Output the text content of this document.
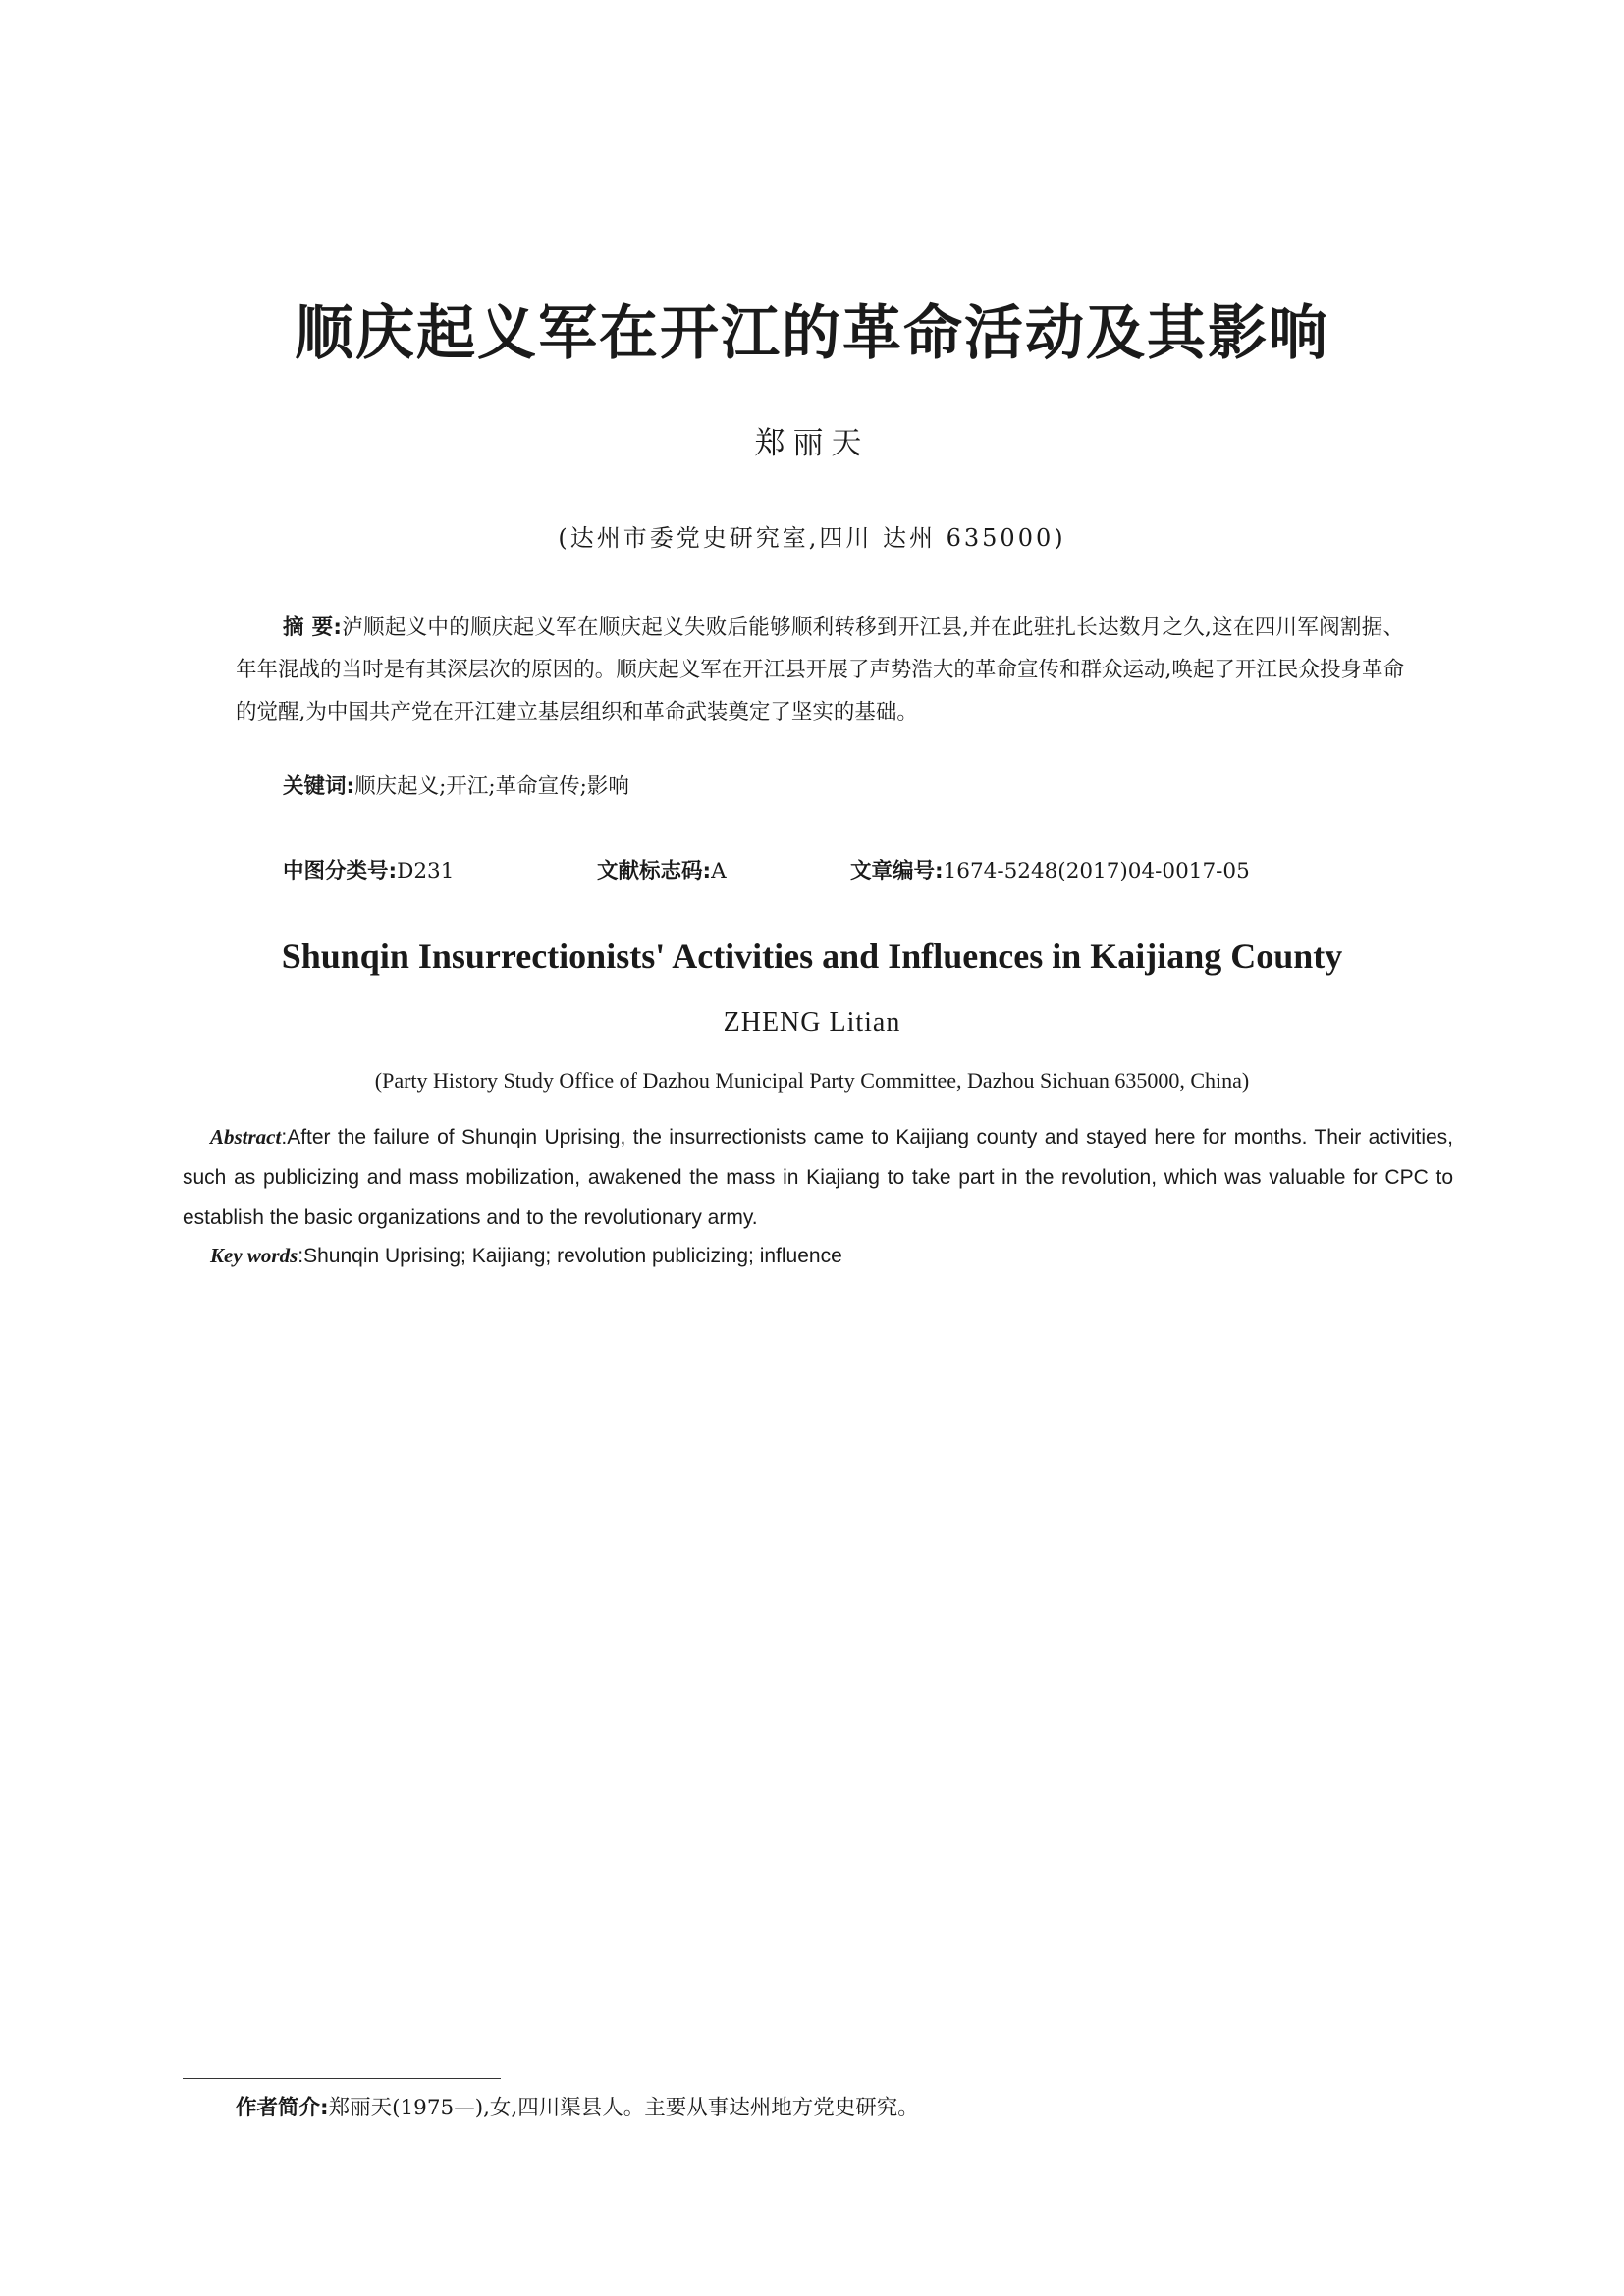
顺庆起义军在开江的革命活动及其影响
郑丽天
(达州市委党史研究室,四川 达州 635000)
摘 要:泸顺起义中的顺庆起义军在顺庆起义失败后能够顺利转移到开江县,并在此驻扎长达数月之久,这在四川军阀割据、年年混战的当时是有其深层次的原因的。顺庆起义军在开江县开展了声势浩大的革命宣传和群众运动,唤起了开江民众投身革命的觉醒,为中国共产党在开江建立基层组织和革命武装奠定了坚实的基础。
关键词:顺庆起义;开江;革命宣传;影响
中图分类号:D231	文献标志码:A	文章编号:1674-5248(2017)04-0017-05
Shunqin Insurrectionists' Activities and Influences in Kaijiang County
ZHENG Litian
(Party History Study Office of Dazhou Municipal Party Committee, Dazhou Sichuan 635000, China)
Abstract:After the failure of Shunqin Uprising, the insurrectionists came to Kaijiang county and stayed here for months. Their activities, such as publicizing and mass mobilization, awakened the mass in Kiajiang to take part in the revolution, which was valuable for CPC to establish the basic organizations and to the revolutionary army.
Key words:Shunqin Uprising; Kaijiang; revolution publicizing; influence
作者简介:郑丽天(1975—),女,四川渠县人。主要从事达州地方党史研究。
